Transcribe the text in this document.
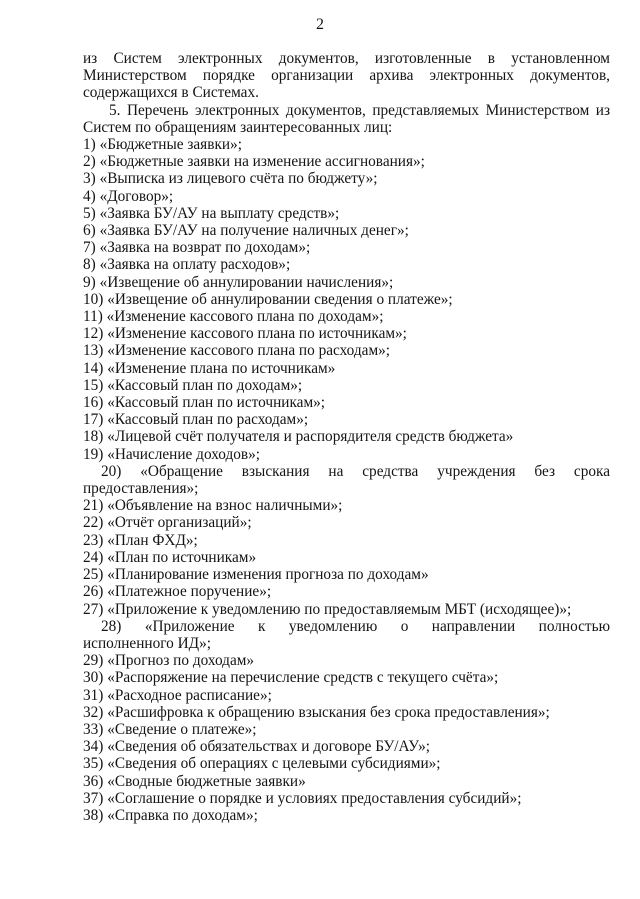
2

из Систем электронных документов, изготовленные в установленном Министерством порядке организации архива электронных документов, содержащихся в Системах.

5. Перечень электронных документов, представляемых Министерством из Систем по обращениям заинтересованных лиц:

1) «Бюджетные заявки»;
2) «Бюджетные заявки на изменение ассигнования»;
3) «Выписка из лицевого счёта по бюджету»;
4) «Договор»;
5) «Заявка БУ/АУ на выплату средств»;
6) «Заявка БУ/АУ на получение наличных денег»;
7) «Заявка на возврат по доходам»;
8) «Заявка на оплату расходов»;
9) «Извещение об аннулировании начисления»;
10) «Извещение об аннулировании сведения о платеже»;
11) «Изменение кассового плана по доходам»;
12) «Изменение кассового плана по источникам»;
13) «Изменение кассового плана по расходам»;
14) «Изменение плана по источникам»
15) «Кассовый план по доходам»;
16) «Кассовый план по источникам»;
17) «Кассовый план по расходам»;
18) «Лицевой счёт получателя и распорядителя средств бюджета»
19) «Начисление доходов»;
20) «Обращение взыскания на средства учреждения без срока
предоставления»;
21) «Объявление на взнос наличными»;
22) «Отчёт организаций»;
23) «План ФХД»;
24) «План по источникам»
25) «Планирование изменения прогноза по доходам»
26) «Платежное поручение»;
27) «Приложение к уведомлению по предоставляемым МБТ (исходящее)»;
28) «Приложение к уведомлению о направлении полностью
исполненного ИД»;
29) «Прогноз по доходам»
30) «Распоряжение на перечисление средств с текущего счёта»;
31) «Расходное расписание»;
32) «Расшифровка к обращению взыскания без срока предоставления»;
33) «Сведение о платеже»;
34) «Сведения об обязательствах и договоре БУ/АУ»;
35) «Сведения об операциях с целевыми субсидиями»;
36) «Сводные бюджетные заявки»
37) «Соглашение о порядке и условиях предоставления субсидий»;
38) «Справка по доходам»;
